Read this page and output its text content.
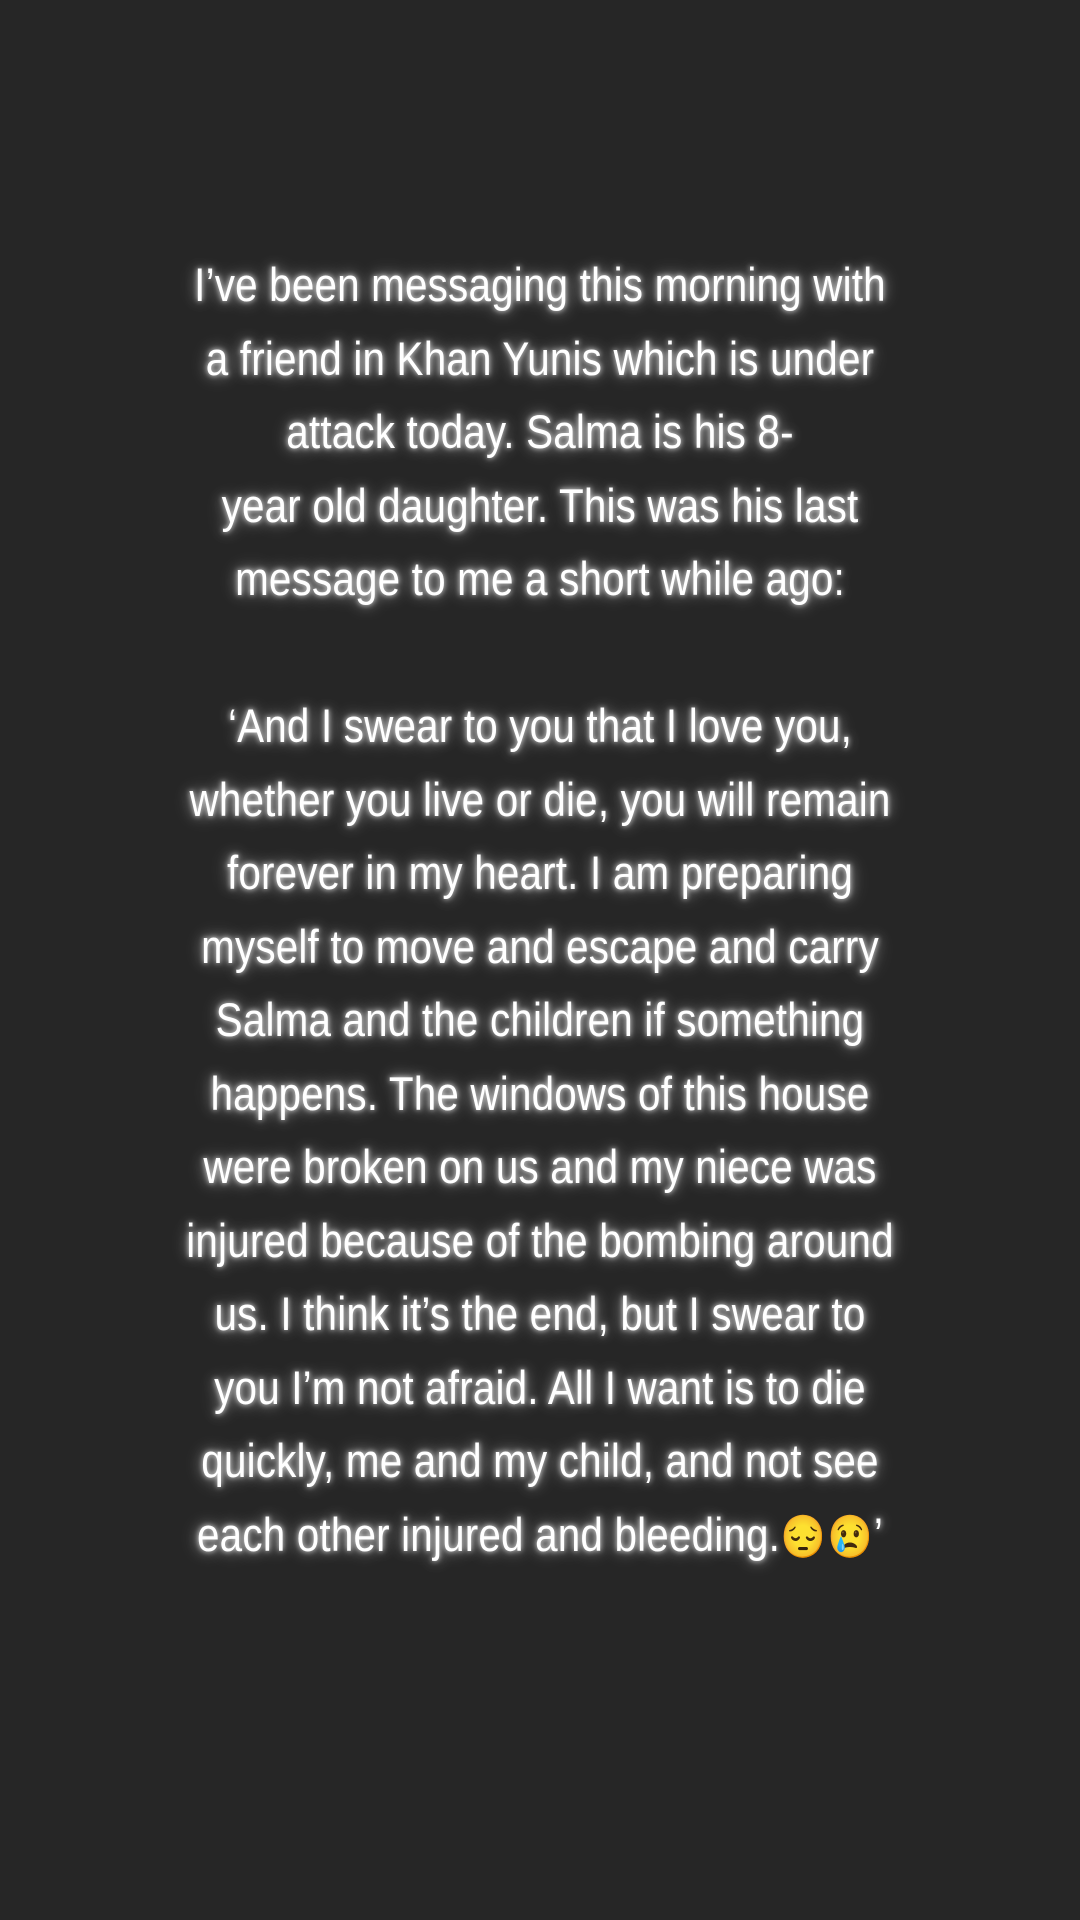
I’ve been messaging this morning with
a friend in Khan Yunis which is under
attack today. Salma is his 8-
year old daughter. This was his last
message to me a short while ago:
‘And I swear to you that I love you,
whether you live or die, you will remain
forever in my heart. I am preparing
myself to move and escape and carry
Salma and the children if something
happens. The windows of this house
were broken on us and my niece was
injured because of the bombing around
us. I think it’s the end, but I swear to
you I’m not afraid. All I want is to die
quickly, me and my child, and not see
each other injured and bleeding.😔😢’
